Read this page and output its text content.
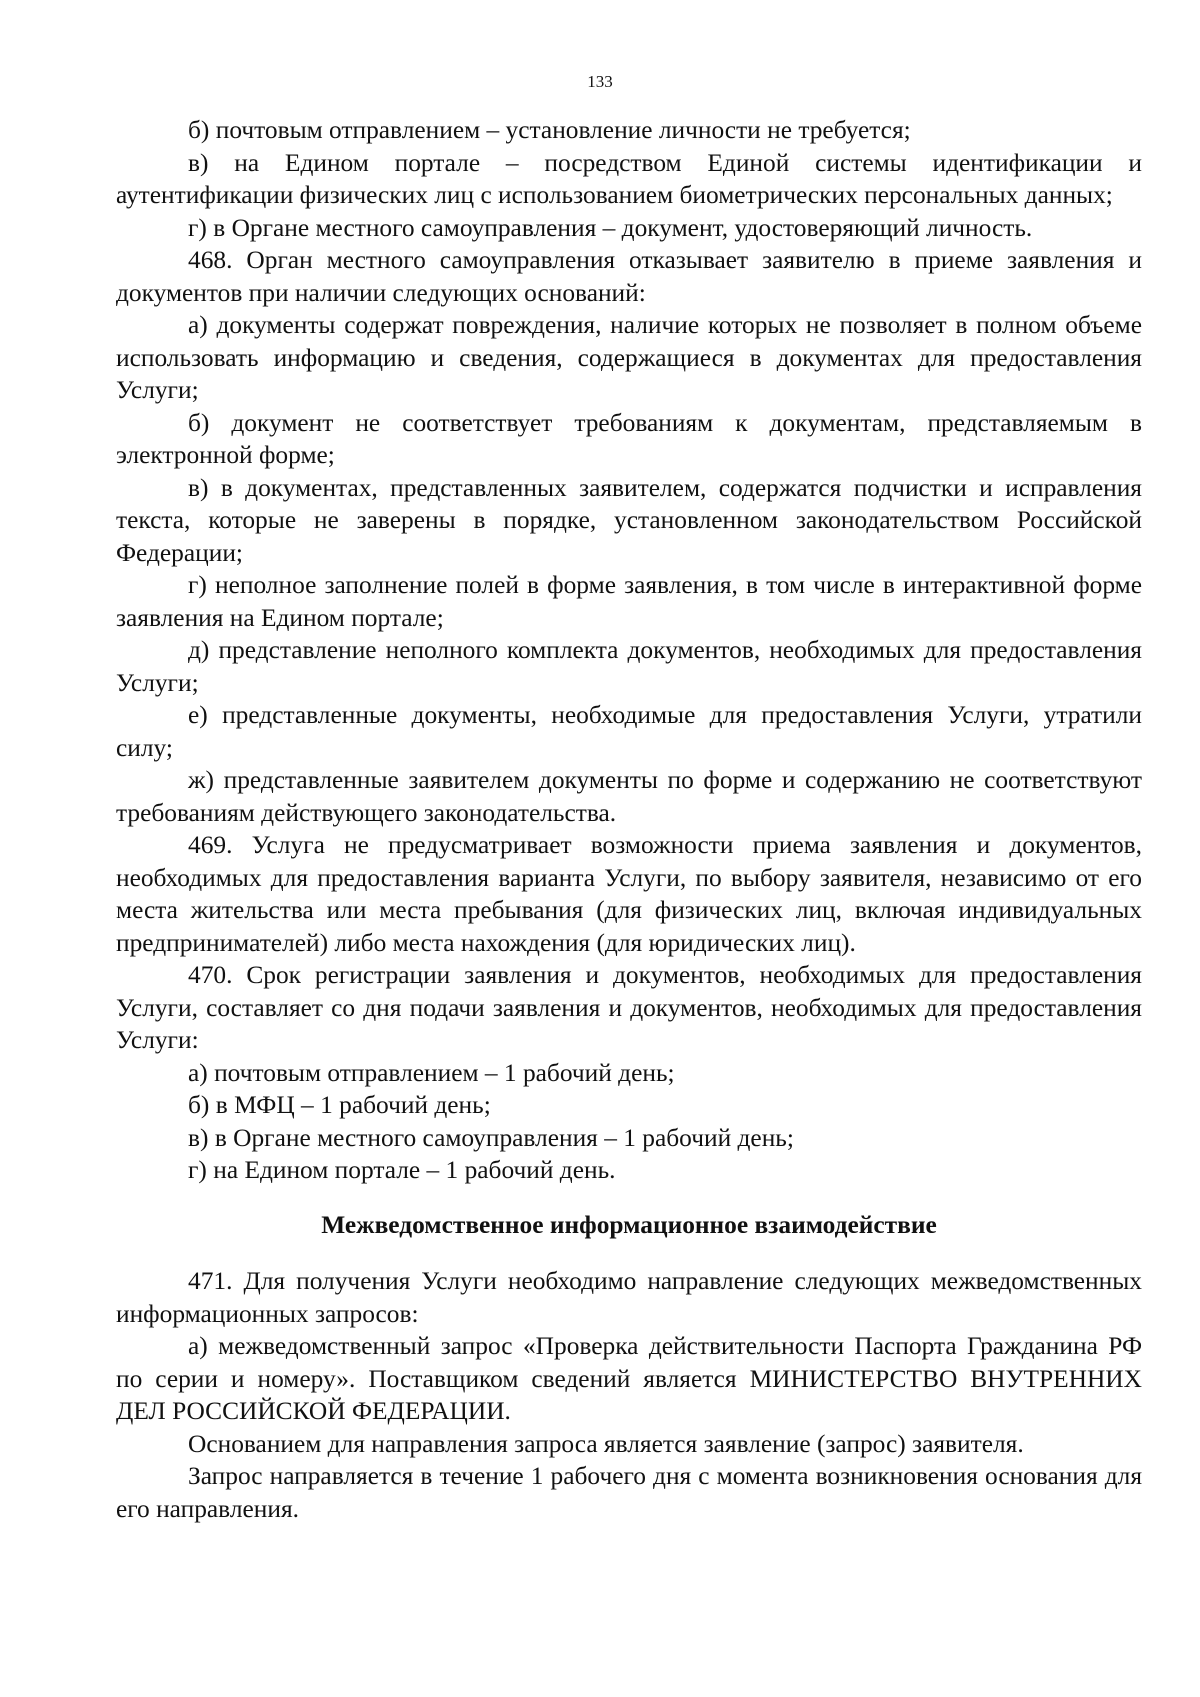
133
б) почтовым отправлением – установление личности не требуется;
в) на Едином портале – посредством Единой системы идентификации и аутентификации физических лиц с использованием биометрических персональных данных;
г) в Органе местного самоуправления – документ, удостоверяющий личность.
468. Орган местного самоуправления отказывает заявителю в приеме заявления и документов при наличии следующих оснований:
а) документы содержат повреждения, наличие которых не позволяет в полном объеме использовать информацию и сведения, содержащиеся в документах для предоставления Услуги;
б) документ не соответствует требованиям к документам, представляемым в электронной форме;
в) в документах, представленных заявителем, содержатся подчистки и исправления текста, которые не заверены в порядке, установленном законодательством Российской Федерации;
г) неполное заполнение полей в форме заявления, в том числе в интерактивной форме заявления на Едином портале;
д) представление неполного комплекта документов, необходимых для предоставления Услуги;
е) представленные документы, необходимые для предоставления Услуги, утратили силу;
ж) представленные заявителем документы по форме и содержанию не соответствуют требованиям действующего законодательства.
469. Услуга не предусматривает возможности приема заявления и документов, необходимых для предоставления варианта Услуги, по выбору заявителя, независимо от его места жительства или места пребывания (для физических лиц, включая индивидуальных предпринимателей) либо места нахождения (для юридических лиц).
470. Срок регистрации заявления и документов, необходимых для предоставления Услуги, составляет со дня подачи заявления и документов, необходимых для предоставления Услуги:
а) почтовым отправлением – 1 рабочий день;
б) в МФЦ – 1 рабочий день;
в) в Органе местного самоуправления – 1 рабочий день;
г) на Едином портале – 1 рабочий день.
Межведомственное информационное взаимодействие
471. Для получения Услуги необходимо направление следующих межведомственных информационных запросов:
а) межведомственный запрос «Проверка действительности Паспорта Гражданина РФ по серии и номеру». Поставщиком сведений является МИНИСТЕРСТВО ВНУТРЕННИХ ДЕЛ РОССИЙСКОЙ ФЕДЕРАЦИИ.
Основанием для направления запроса является заявление (запрос) заявителя.
Запрос направляется в течение 1 рабочего дня с момента возникновения основания для его направления.
